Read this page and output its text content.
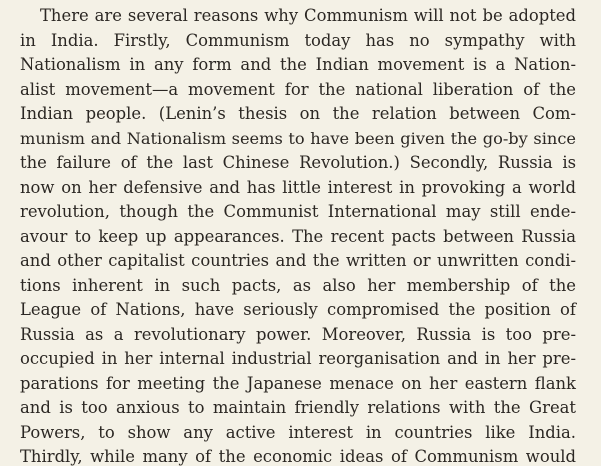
There are several reasons why Communism will not be adopted
in India. Firstly, Communism today has no sympathy with
Nationalism in any form and the Indian movement is a Nation-
alist movement—a movement for the national liberation of the
Indian people. (Lenin’s thesis on the relation between Com-
munism and Nationalism seems to have been given the go-by since
the failure of the last Chinese Revolution.) Secondly, Russia is
now on her defensive and has little interest in provoking a world
revolution, though the Communist International may still ende-
avour to keep up appearances. The recent pacts between Russia
and other capitalist countries and the written or unwritten condi-
tions inherent in such pacts, as also her membership of the
League of Nations, have seriously compromised the position of
Russia as a revolutionary power. Moreover, Russia is too pre-
occupied in her internal industrial reorganisation and in her pre-
parations for meeting the Japanese menace on her eastern flank
and is too anxious to maintain friendly relations with the Great
Powers, to show any active interest in countries like India.
Thirdly, while many of the economic ideas of Communism would
